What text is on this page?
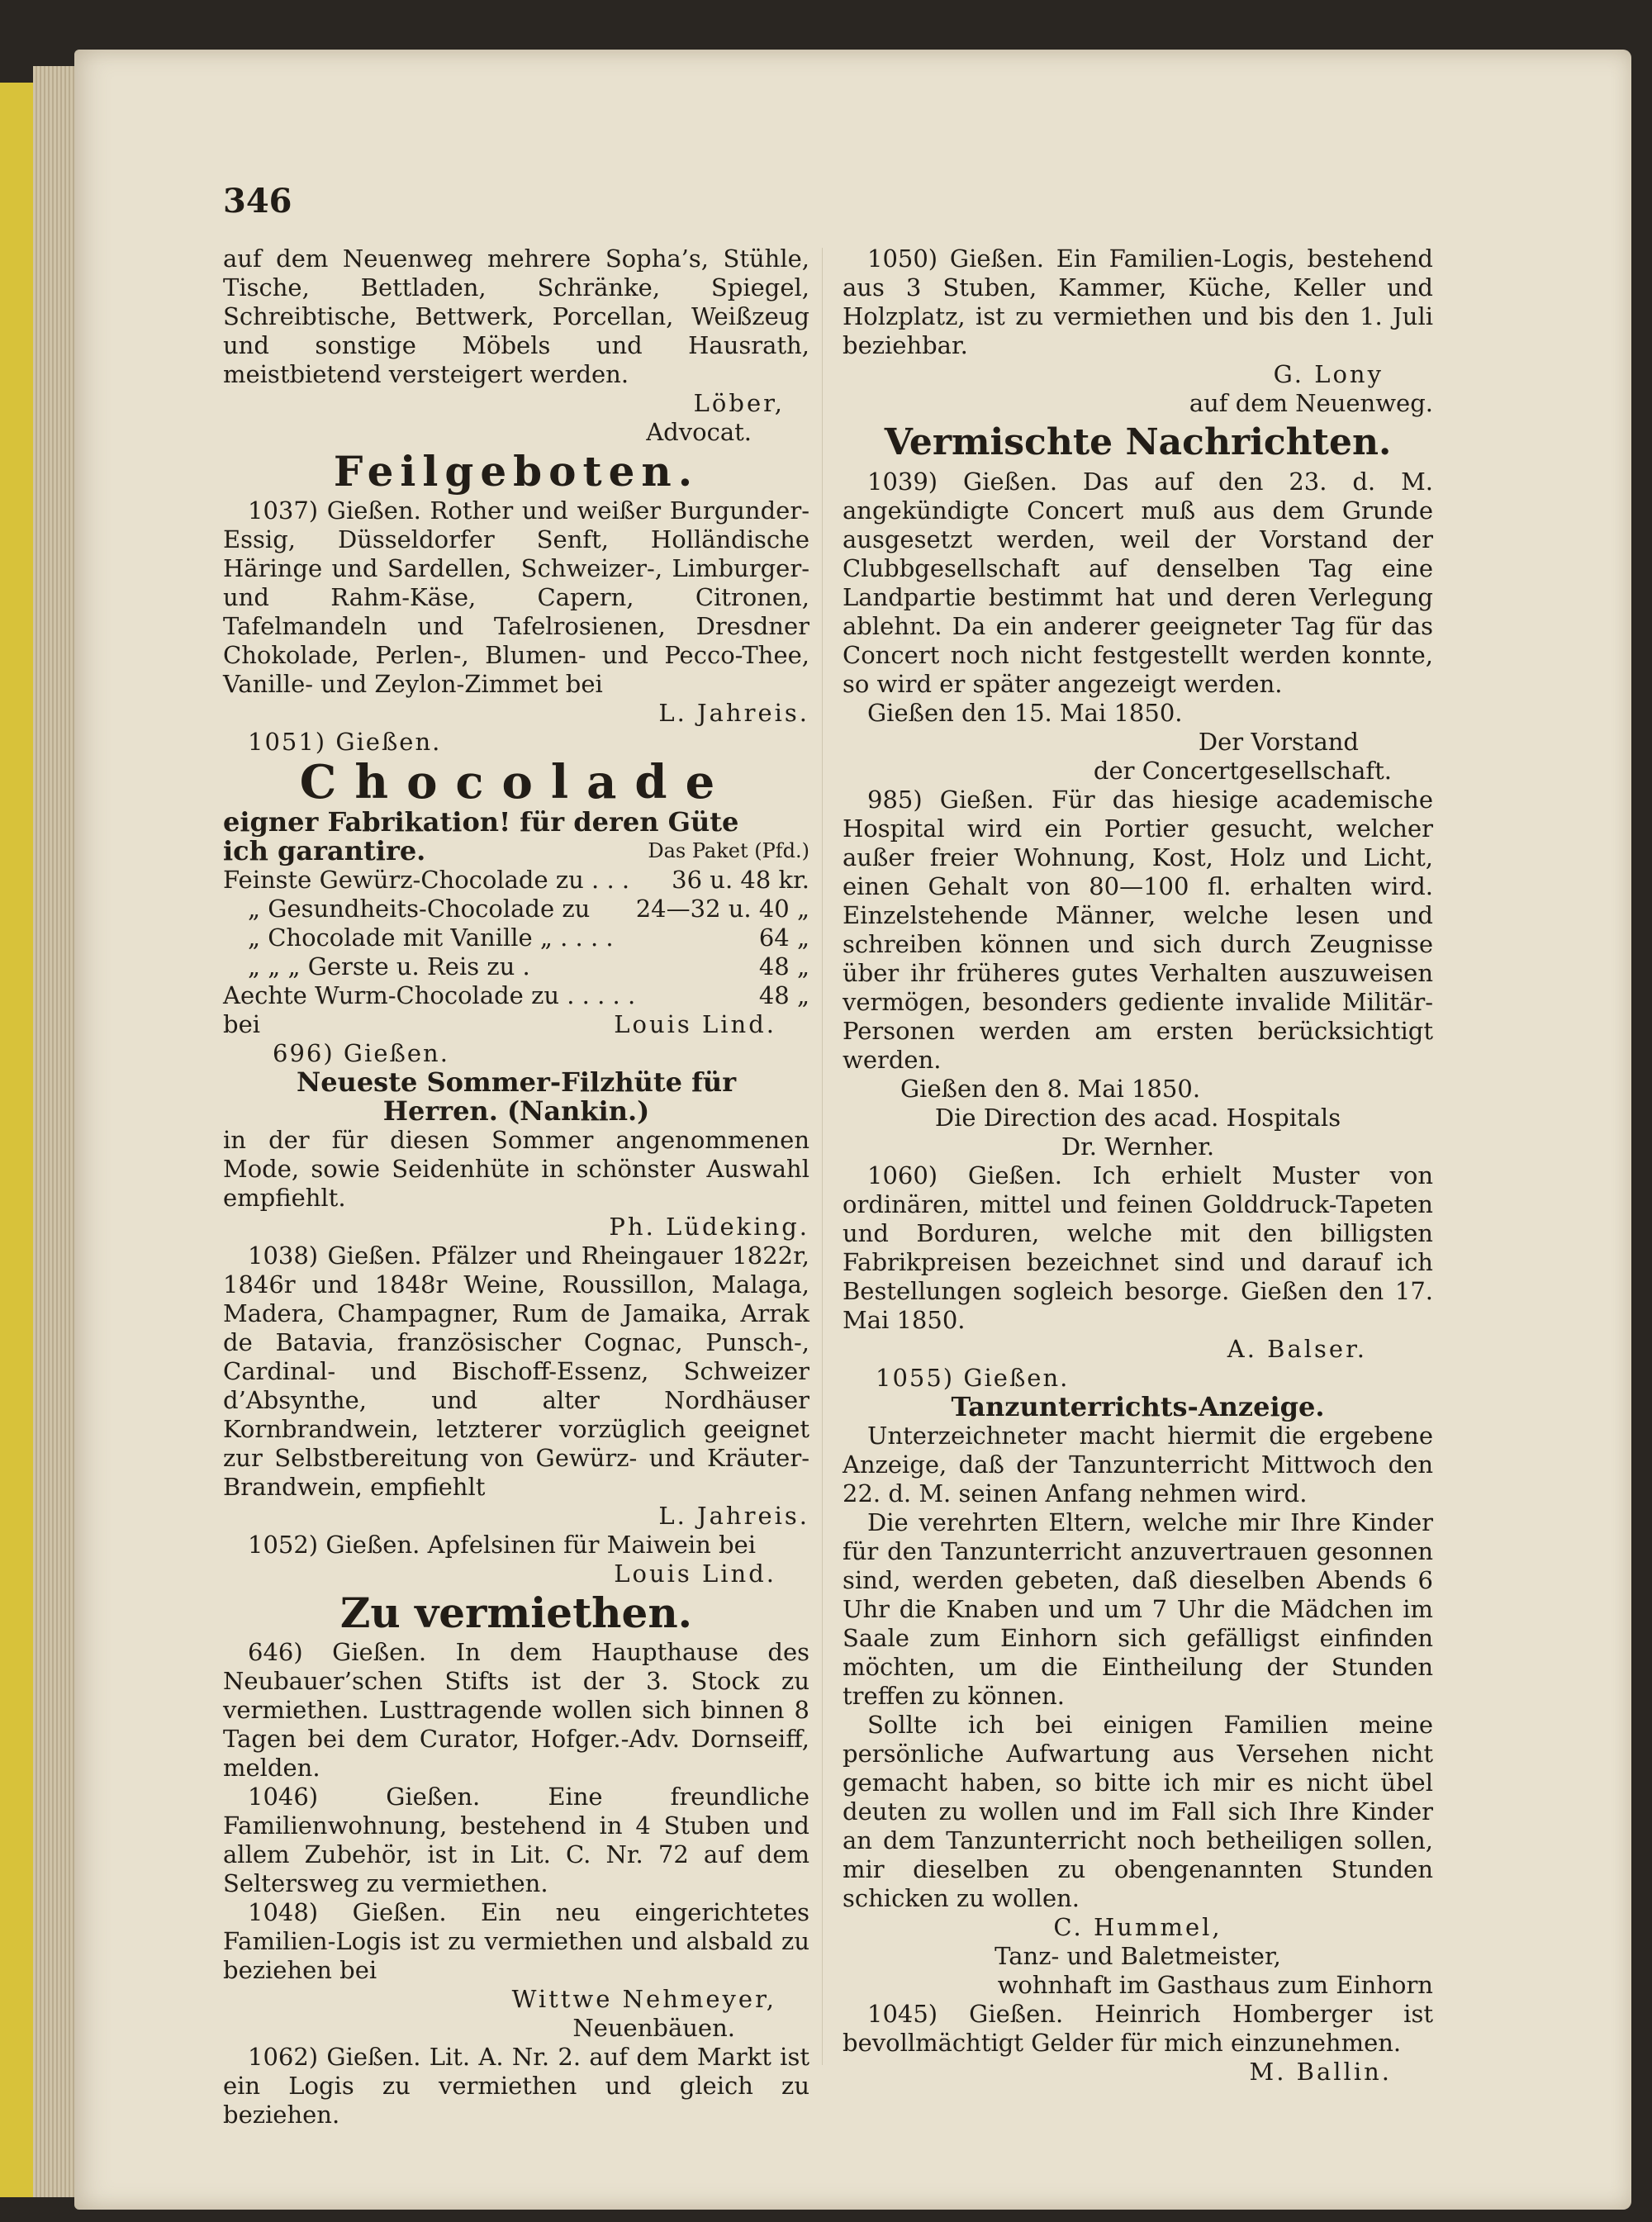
346

auf dem Neuenweg mehrere Sopha’s, Stühle, Tische, Bettladen, Schränke, Spiegel, Schreibtische, Bettwerk, Porcellan, Weißzeug und sonstige Möbels und Hausrath, meistbietend versteigert werden.

Löber,
Advocat.
Feilgeboten.

1037) Gießen. Rother und weißer Burgunder-Essig, Düsseldorfer Senft, Holländische Häringe und Sardellen, Schweizer-, Limburger- und Rahm-Käse, Capern, Citronen, Tafelmandeln und Tafelrosienen, Dresdner Chokolade, Perlen-, Blumen- und Pecco-Thee, Vanille- und Zeylon-Zimmet bei

L. Jahreis.
1051) Gießen.
Chocolade
eigner Fabrikation! für deren Güte
ich garantire.	Das Paket (Pfd.)
Feinste Gewürz-Chocolade zu . . .	36 u. 48 kr.
„ Gesundheits-Chocolade zu	24—32 u. 40 „
„ Chocolade mit Vanille „ . . . .	64 „
„ „ „ Gerste u. Reis zu .	48 „
Aechte Wurm-Chocolade zu . . . . .	48 „
bei	Louis Lind.
696) Gießen.
Neueste Sommer-Filzhüte für
Herren. (Nankin.)

in der für diesen Sommer angenommenen Mode, sowie Seidenhüte in schönster Auswahl empfiehlt.

Ph. Lüdeking.

1038) Gießen. Pfälzer und Rheingauer 1822r, 1846r und 1848r Weine, Roussillon, Malaga, Madera, Champagner, Rum de Jamaika, Arrak de Batavia, französischer Cognac, Punsch-, Cardinal- und Bischoff-Essenz, Schweizer d’Absynthe, und alter Nordhäuser Kornbrandwein, letzterer vorzüglich geeignet zur Selbstbereitung von Gewürz- und Kräuter-Brandwein, empfiehlt

L. Jahreis.

1052) Gießen. Apfelsinen für Maiwein bei

Louis Lind.
Zu vermiethen.

646) Gießen. In dem Haupthause des Neubauer’schen Stifts ist der 3. Stock zu vermiethen. Lusttragende wollen sich binnen 8 Tagen bei dem Curator, Hofger.-Adv. Dornseiff, melden.

1046) Gießen. Eine freundliche Familienwohnung, bestehend in 4 Stuben und allem Zubehör, ist in Lit. C. Nr. 72 auf dem Seltersweg zu vermiethen.

1048) Gießen. Ein neu eingerichtetes Familien-Logis ist zu vermiethen und alsbald zu beziehen bei

Wittwe Nehmeyer,
Neuenbäuen.

1062) Gießen. Lit. A. Nr. 2. auf dem Markt ist ein Logis zu vermiethen und gleich zu beziehen.

1050) Gießen. Ein Familien-Logis, bestehend aus 3 Stuben, Kammer, Küche, Keller und Holzplatz, ist zu vermiethen und bis den 1. Juli beziehbar.

G. Lony
auf dem Neuenweg.
Vermischte Nachrichten.

1039) Gießen. Das auf den 23. d. M. angekündigte Concert muß aus dem Grunde ausgesetzt werden, weil der Vorstand der Clubbgesellschaft auf denselben Tag eine Landpartie bestimmt hat und deren Verlegung ablehnt. Da ein anderer geeigneter Tag für das Concert noch nicht festgestellt werden konnte, so wird er später angezeigt werden.

Gießen den 15. Mai 1850.
Der Vorstand
der Concertgesellschaft.

985) Gießen. Für das hiesige academische Hospital wird ein Portier gesucht, welcher außer freier Wohnung, Kost, Holz und Licht, einen Gehalt von 80—100 fl. erhalten wird. Einzelstehende Männer, welche lesen und schreiben können und sich durch Zeugnisse über ihr früheres gutes Verhalten auszuweisen vermögen, besonders gediente invalide Militär-Personen werden am ersten berücksichtigt werden.

Gießen den 8. Mai 1850.
Die Direction des acad. Hospitals
Dr. Wernher.

1060) Gießen. Ich erhielt Muster von ordinären, mittel und feinen Golddruck-Tapeten und Borduren, welche mit den billigsten Fabrikpreisen bezeichnet sind und darauf ich Bestellungen sogleich besorge. Gießen den 17. Mai 1850.

A. Balser.
1055) Gießen.
Tanzunterrichts-Anzeige.

Unterzeichneter macht hiermit die ergebene Anzeige, daß der Tanzunterricht Mittwoch den 22. d. M. seinen Anfang nehmen wird.

Die verehrten Eltern, welche mir Ihre Kinder für den Tanzunterricht anzuvertrauen gesonnen sind, werden gebeten, daß dieselben Abends 6 Uhr die Knaben und um 7 Uhr die Mädchen im Saale zum Einhorn sich gefälligst einfinden möchten, um die Eintheilung der Stunden treffen zu können.

Sollte ich bei einigen Familien meine persönliche Aufwartung aus Versehen nicht gemacht haben, so bitte ich mir es nicht übel deuten zu wollen und im Fall sich Ihre Kinder an dem Tanzunterricht noch betheiligen sollen, mir dieselben zu obengenannten Stunden schicken zu wollen.

C. Hummel,
Tanz- und Baletmeister,
wohnhaft im Gasthaus zum Einhorn

1045) Gießen. Heinrich Homberger ist bevollmächtigt Gelder für mich einzunehmen.

M. Ballin.
